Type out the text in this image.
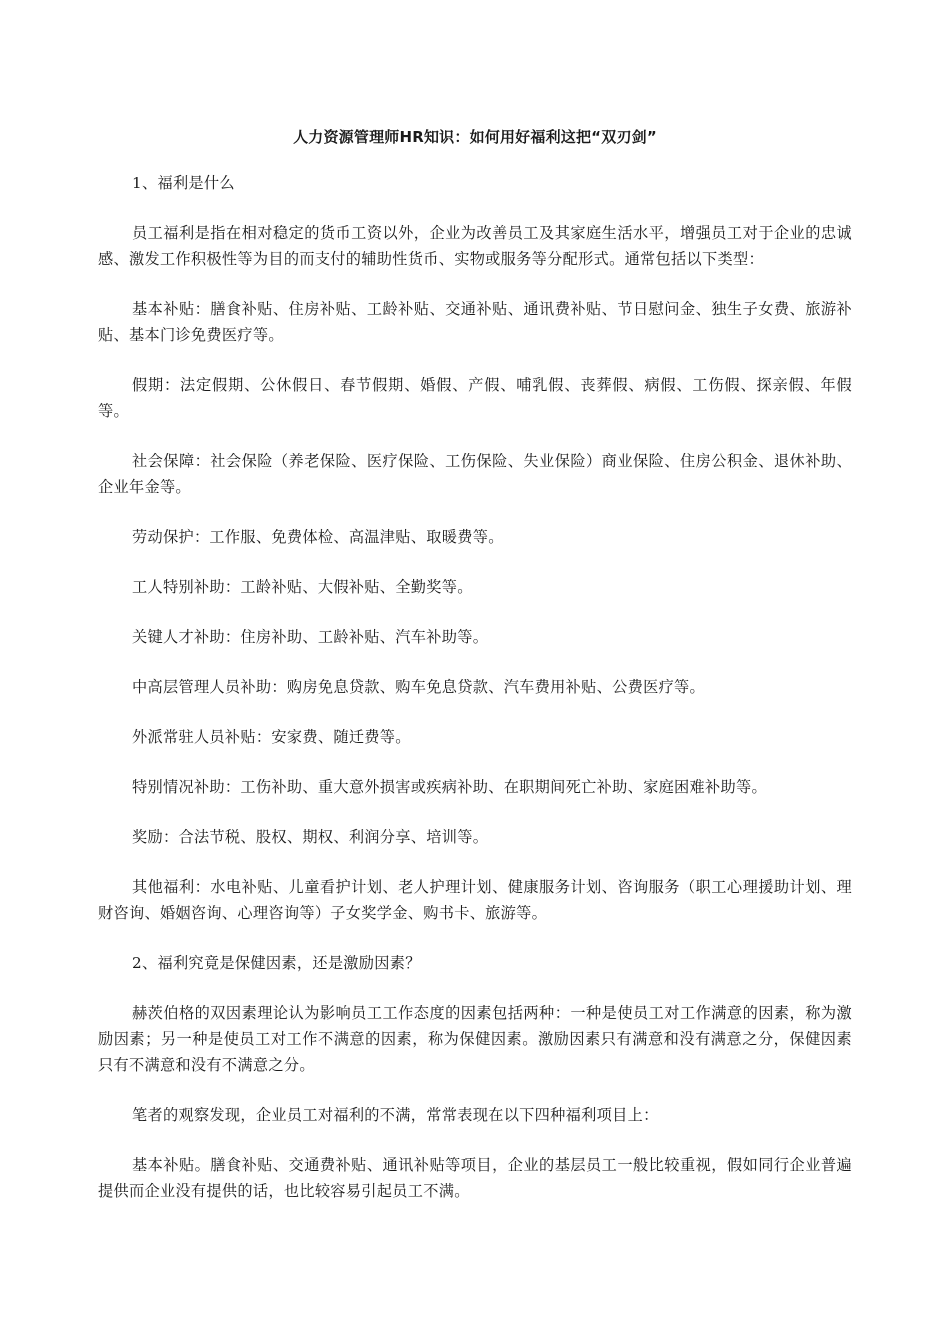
人力资源管理师HR知识：如何用好福利这把“双刃剑”

1、福利是什么

员工福利是指在相对稳定的货币工资以外，企业为改善员工及其家庭生活水平，增强员工对于企业的忠诚感、激发工作积极性等为目的而支付的辅助性货币、实物或服务等分配形式。通常包括以下类型：

基本补贴：膳食补贴、住房补贴、工龄补贴、交通补贴、通讯费补贴、节日慰问金、独生子女费、旅游补贴、基本门诊免费医疗等。

假期：法定假期、公休假日、春节假期、婚假、产假、哺乳假、丧葬假、病假、工伤假、探亲假、年假等。

社会保障：社会保险（养老保险、医疗保险、工伤保险、失业保险）商业保险、住房公积金、退休补助、企业年金等。

劳动保护：工作服、免费体检、高温津贴、取暖费等。

工人特别补助：工龄补贴、大假补贴、全勤奖等。

关键人才补助：住房补助、工龄补贴、汽车补助等。

中高层管理人员补助：购房免息贷款、购车免息贷款、汽车费用补贴、公费医疗等。

外派常驻人员补贴：安家费、随迁费等。

特别情况补助：工伤补助、重大意外损害或疾病补助、在职期间死亡补助、家庭困难补助等。

奖励：合法节税、股权、期权、利润分享、培训等。

其他福利：水电补贴、儿童看护计划、老人护理计划、健康服务计划、咨询服务（职工心理援助计划、理财咨询、婚姻咨询、心理咨询等）子女奖学金、购书卡、旅游等。

2、福利究竟是保健因素，还是激励因素？

赫茨伯格的双因素理论认为影响员工工作态度的因素包括两种：一种是使员工对工作满意的因素，称为激励因素；另一种是使员工对工作不满意的因素，称为保健因素。激励因素只有满意和没有满意之分，保健因素只有不满意和没有不满意之分。

笔者的观察发现，企业员工对福利的不满，常常表现在以下四种福利项目上：

基本补贴。膳食补贴、交通费补贴、通讯补贴等项目，企业的基层员工一般比较重视，假如同行企业普遍提供而企业没有提供的话，也比较容易引起员工不满。
